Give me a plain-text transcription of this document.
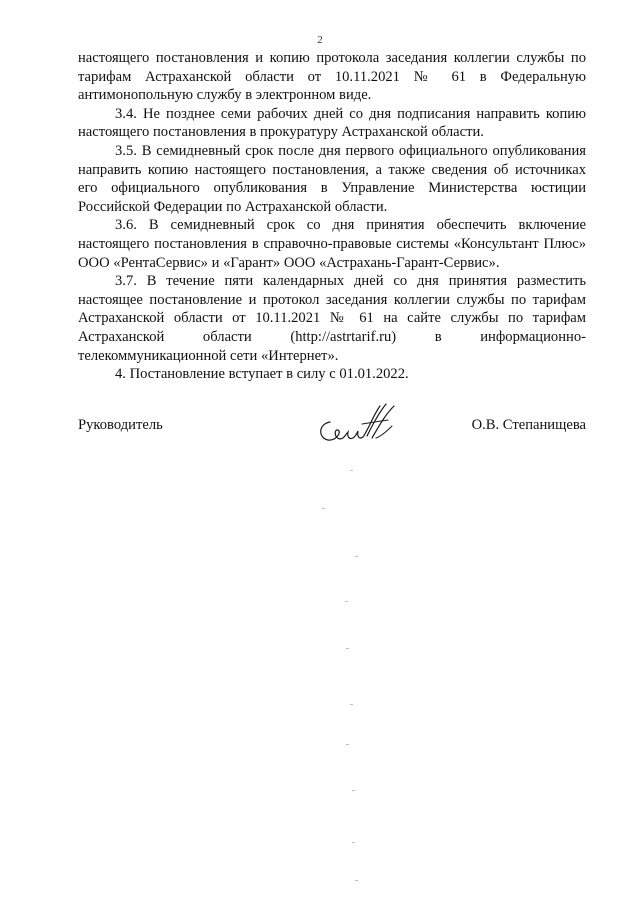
2

настоящего постановления и копию протокола заседания коллегии службы по тарифам Астраханской области от 10.11.2021 № 61 в Федеральную антимонопольную службу в электронном виде.

3.4. Не позднее семи рабочих дней со дня подписания направить копию настоящего постановления в прокуратуру Астраханской области.

3.5. В семидневный срок после дня первого официального опубликования направить копию настоящего постановления, а также сведения об источниках его официального опубликования в Управление Министерства юстиции Российской Федерации по Астраханской области.

3.6. В семидневный срок со дня принятия обеспечить включение настоящего постановления в справочно-правовые системы «Консультант Плюс» ООО «РентаСервис» и «Гарант» ООО «Астрахань-Гарант-Сервис».

3.7. В течение пяти календарных дней со дня принятия разместить настоящее постановление и протокол заседания коллегии службы по тарифам Астраханской области от 10.11.2021 № 61 на сайте службы по тарифам Астраханской области (http://astrtarif.ru) в информационно-телекоммуникационной сети «Интернет».

4. Постановление вступает в силу с 01.01.2022.

Руководитель	О.В. Степанищева
